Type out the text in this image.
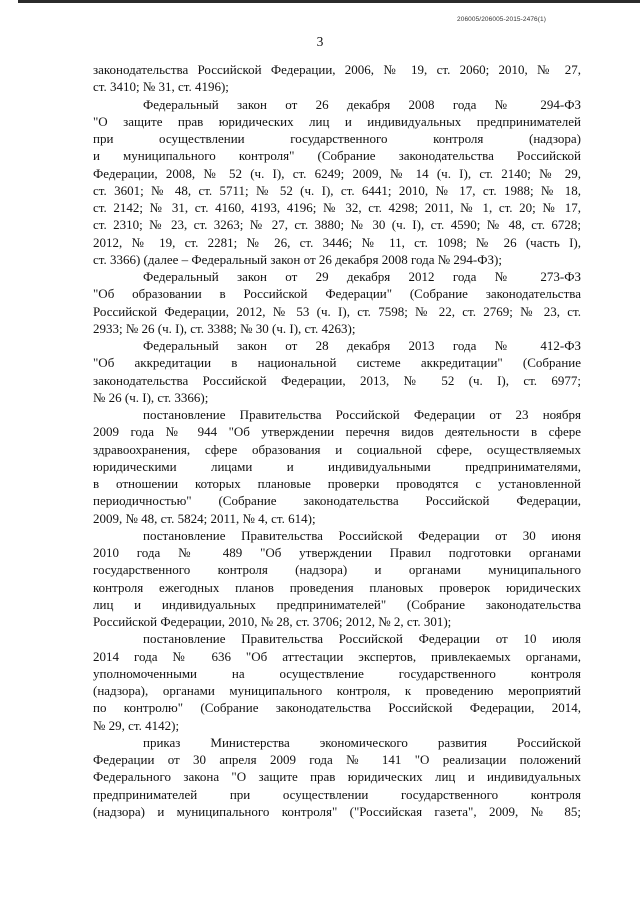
206005/206005-2015-2476(1)
3

законодательства Российской Федерации, 2006, № 19, ст. 2060; 2010, № 27,
ст. 3410; № 31, ст. 4196);

Федеральный закон от 26 декабря 2008 года № 294-ФЗ
"О защите прав юридических лиц и индивидуальных предпринимателей
при осуществлении государственного контроля (надзора)
и муниципального контроля" (Собрание законодательства Российской
Федерации, 2008, № 52 (ч. I), ст. 6249; 2009, № 14 (ч. I), ст. 2140; № 29,
ст. 3601; № 48, ст. 5711; № 52 (ч. I), ст. 6441; 2010, № 17, ст. 1988; № 18,
ст. 2142; № 31, ст. 4160, 4193, 4196; № 32, ст. 4298; 2011, № 1, ст. 20; № 17,
ст. 2310; № 23, ст. 3263; № 27, ст. 3880; № 30 (ч. I), ст. 4590; № 48, ст. 6728;
2012, № 19, ст. 2281; № 26, ст. 3446; № 11, ст. 1098; № 26 (часть I),
ст. 3366) (далее – Федеральный закон от 26 декабря 2008 года № 294-ФЗ);

Федеральный закон от 29 декабря 2012 года № 273-ФЗ
"Об образовании в Российской Федерации" (Собрание законодательства
Российской Федерации, 2012, № 53 (ч. I), ст. 7598; № 22, ст. 2769; № 23, ст.
2933; № 26 (ч. I), ст. 3388; № 30 (ч. I), ст. 4263);

Федеральный закон от 28 декабря 2013 года № 412-ФЗ
"Об аккредитации в национальной системе аккредитации" (Собрание
законодательства Российской Федерации, 2013, № 52 (ч. I), ст. 6977;
№ 26 (ч. I), ст. 3366);

постановление Правительства Российской Федерации от 23 ноября
2009 года № 944 "Об утверждении перечня видов деятельности в сфере
здравоохранения, сфере образования и социальной сфере, осуществляемых
юридическими лицами и индивидуальными предпринимателями,
в отношении которых плановые проверки проводятся с установленной
периодичностью" (Собрание законодательства Российской Федерации,
2009, № 48, ст. 5824; 2011, № 4, ст. 614);

постановление Правительства Российской Федерации от 30 июня
2010 года № 489 "Об утверждении Правил подготовки органами
государственного контроля (надзора) и органами муниципального
контроля ежегодных планов проведения плановых проверок юридических
лиц и индивидуальных предпринимателей" (Собрание законодательства
Российской Федерации, 2010, № 28, ст. 3706; 2012, № 2, ст. 301);

постановление Правительства Российской Федерации от 10 июля
2014 года № 636 "Об аттестации экспертов, привлекаемых органами,
уполномоченными на осуществление государственного контроля
(надзора), органами муниципального контроля, к проведению мероприятий
по контролю" (Собрание законодательства Российской Федерации, 2014,
№ 29, ст. 4142);

приказ Министерства экономического развития Российской
Федерации от 30 апреля 2009 года № 141 "О реализации положений
Федерального закона "О защите прав юридических лиц и индивидуальных
предпринимателей при осуществлении государственного контроля
(надзора) и муниципального контроля" ("Российская газета", 2009, № 85;
